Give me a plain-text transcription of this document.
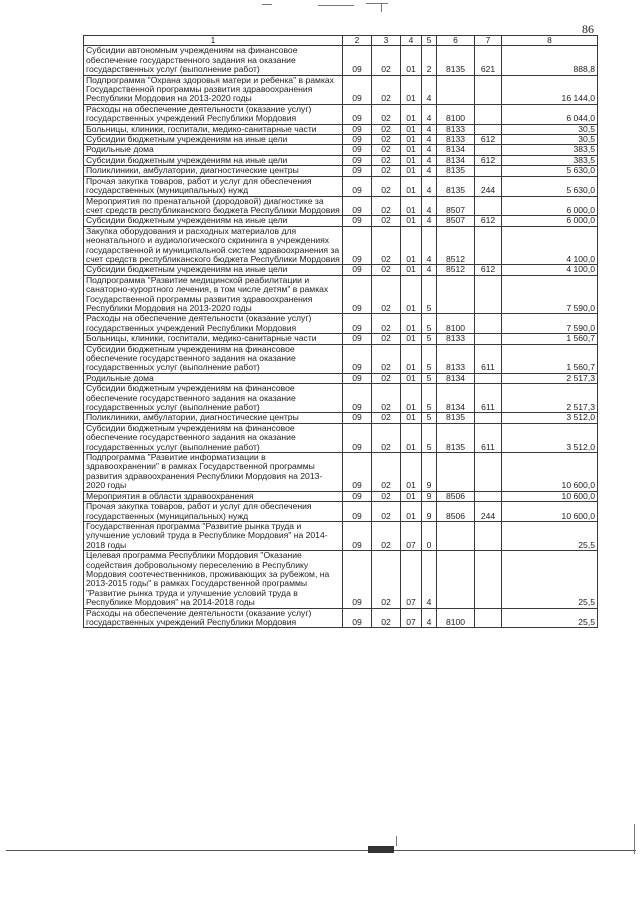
86
1	2	3	4	5	6	7	8
Субсидии автономным учреждениям на финансовое обеспечение государственного задания на оказание государственных услуг (выполнение работ)	09	02	01	2	8135	621	888,8
Подпрограмма "Охрана здоровья матери и ребенка" в рамках Государственной программы развития здравоохранения Республики Мордовия на 2013-2020 годы	09	02	01	4			16 144,0
Расходы на обеспечение деятельности (оказание услуг) государственных учреждений Республики Мордовия	09	02	01	4	8100		6 044,0
Больницы, клиники, госпитали, медико-санитарные части	09	02	01	4	8133		30,5
Субсидии бюджетным учреждениям на иные цели	09	02	01	4	8133	612	30,5
Родильные дома	09	02	01	4	8134		383,5
Субсидии бюджетным учреждениям на иные цели	09	02	01	4	8134	612	383,5
Поликлиники, амбулатории, диагностические центры	09	02	01	4	8135		5 630,0
Прочая закупка товаров, работ и услуг для обеспечения государственных (муниципальных) нужд	09	02	01	4	8135	244	5 630,0
Мероприятия по пренатальной (дородовой) диагностике за счет средств республиканского бюджета Республики Мордовия	09	02	01	4	8507		6 000,0
Субсидии бюджетным учреждениям на иные цели	09	02	01	4	8507	612	6 000,0
Закупка оборудования и расходных материалов для неонатального и аудиологического скрининга в учреждениях государственной и муниципальной систем здравоохранения за счет средств республиканского бюджета Республики Мордовия	09	02	01	4	8512		4 100,0
Субсидии бюджетным учреждениям на иные цели	09	02	01	4	8512	612	4 100,0
Подпрограмма "Развитие медицинской реабилитации и санаторно-курортного лечения, в том числе детям" в рамках Государственной программы развития здравоохранения Республики Мордовия на 2013-2020 годы	09	02	01	5			7 590,0
Расходы на обеспечение деятельности (оказание услуг) государственных учреждений Республики Мордовия	09	02	01	5	8100		7 590,0
Больницы, клиники, госпитали, медико-санитарные части	09	02	01	5	8133		1 560,7
Субсидии бюджетным учреждениям на финансовое обеспечение государственного задания на оказание государственных услуг (выполнение работ)	09	02	01	5	8133	611	1 560,7
Родильные дома	09	02	01	5	8134		2 517,3
Субсидии бюджетным учреждениям на финансовое обеспечение государственного задания на оказание государственных услуг (выполнение работ)	09	02	01	5	8134	611	2 517,3
Поликлиники, амбулатории, диагностические центры	09	02	01	5	8135		3 512,0
Субсидии бюджетным учреждениям на финансовое обеспечение государственного задания на оказание государственных услуг (выполнение работ)	09	02	01	5	8135	611	3 512,0
Подпрограмма "Развитие информатизации в здравоохранении" в рамках Государственной программы развития здравоохранения Республики Мордовия на 2013-2020 годы	09	02	01	9			10 600,0
Мероприятия в области здравоохранения	09	02	01	9	8506		10 600,0
Прочая закупка товаров, работ и услуг для обеспечения государственных (муниципальных) нужд	09	02	01	9	8506	244	10 600,0
Государственная программа "Развитие рынка труда и улучшение условий труда в Республике Мордовия" на 2014-2018 годы	09	02	07	0			25,5
Целевая программа Республики Мордовия "Оказание содействия добровольному переселению в Республику Мордовия соотечественников, проживающих за рубежом, на 2013-2015 годы" в рамках Государственной программы "Развитие рынка труда и улучшение условий труда в Республике Мордовия" на 2014-2018 годы	09	02	07	4			25,5
Расходы на обеспечение деятельности (оказание услуг) государственных учреждений Республики Мордовия	09	02	07	4	8100		25,5
